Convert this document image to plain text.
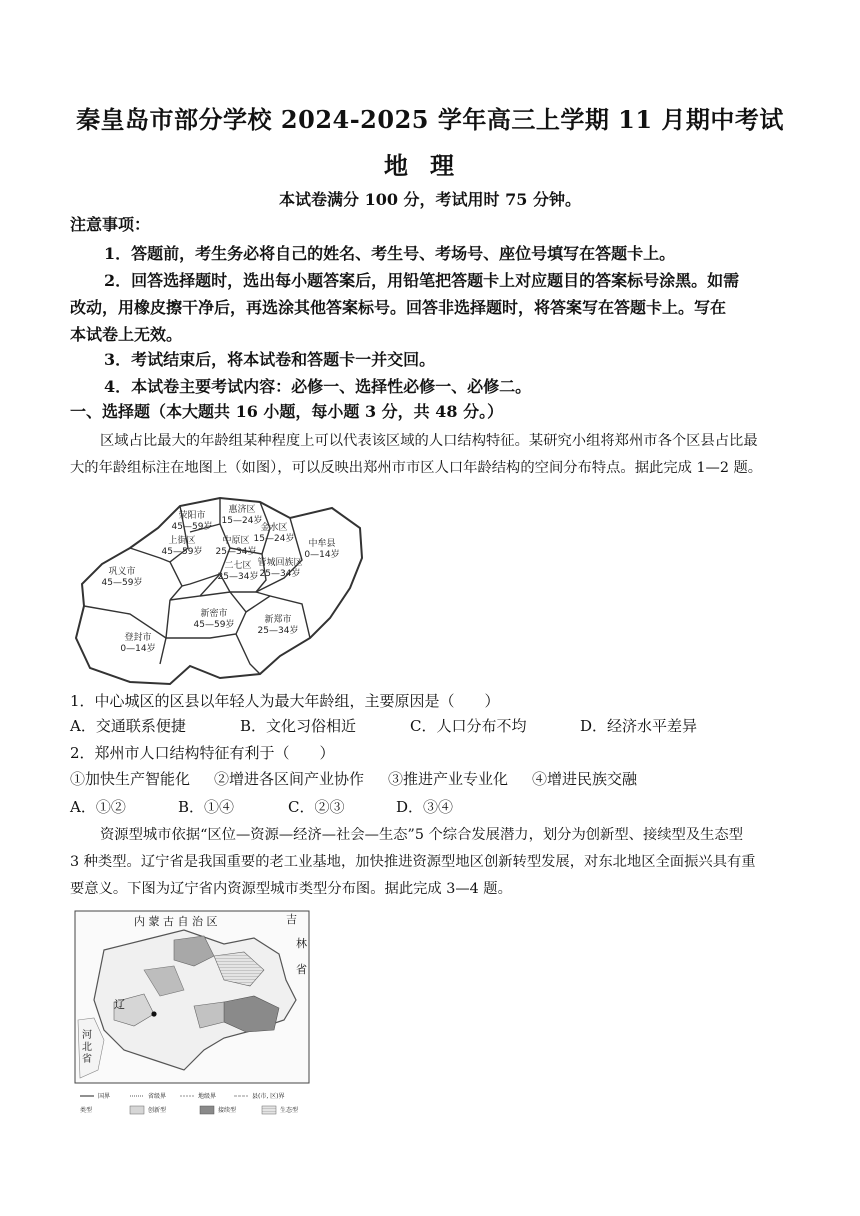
秦皇岛市部分学校 2024-2025 学年高三上学期 11 月期中考试
地理
本试卷满分 100 分，考试用时 75 分钟。
注意事项：
1．答题前，考生务必将自己的姓名、考生号、考场号、座位号填写在答题卡上。
2．回答选择题时，选出每小题答案后，用铅笔把答题卡上对应题目的答案标号涂黑。如需
改动，用橡皮擦干净后，再选涂其他答案标号。回答非选择题时，将答案写在答题卡上。写在
本试卷上无效。
3．考试结束后，将本试卷和答题卡一并交回。
4．本试卷主要考试内容：必修一、选择性必修一、必修二。
一、选择题（本大题共 16 小题，每小题 3 分，共 48 分。）
区域占比最大的年龄组某种程度上可以代表该区域的人口结构特征。某研究小组将郑州市各个区县占比最
大的年龄组标注在地图上（如图），可以反映出郑州市市区人口年龄结构的空间分布特点。据此完成 1—2 题。
荥阳市
45—59岁
惠济区
15—24岁
金水区
15—24岁
上街区
45—59岁
中原区
25—34岁
中牟县
0—14岁
二七区
25—34岁
管城回族区
25—34岁
巩义市
45—59岁
新密市
45—59岁	新郑市
25—34岁
登封市
0—14岁
1．中心城区的区县以年轻人为最大年龄组，主要原因是（　　）
A．交通联系便捷	B．文化习俗相近	C．人口分布不均	D．经济水平差异
2．郑州市人口结构特征有利于（　　）
①加快生产智能化 ②增进各区间产业协作 ③推进产业专业化 ④增进民族交融
A．①②	B．①④	C．②③	D．③④
资源型城市依据“区位—资源—经济—社会—生态”5 个综合发展潜力，划分为创新型、接续型及生态型
3 种类型。辽宁省是我国重要的老工业基地，加快推进资源型地区创新转型发展，对东北地区全面振兴具有重
要意义。下图为辽宁省内资源型城市类型分布图。据此完成 3—4 题。
内 蒙 古 自 治 区	吉
林
省
辽
河北省
国界	省级界	地级界	县(市, 区)界
类型	创新型	接续型	生态型
